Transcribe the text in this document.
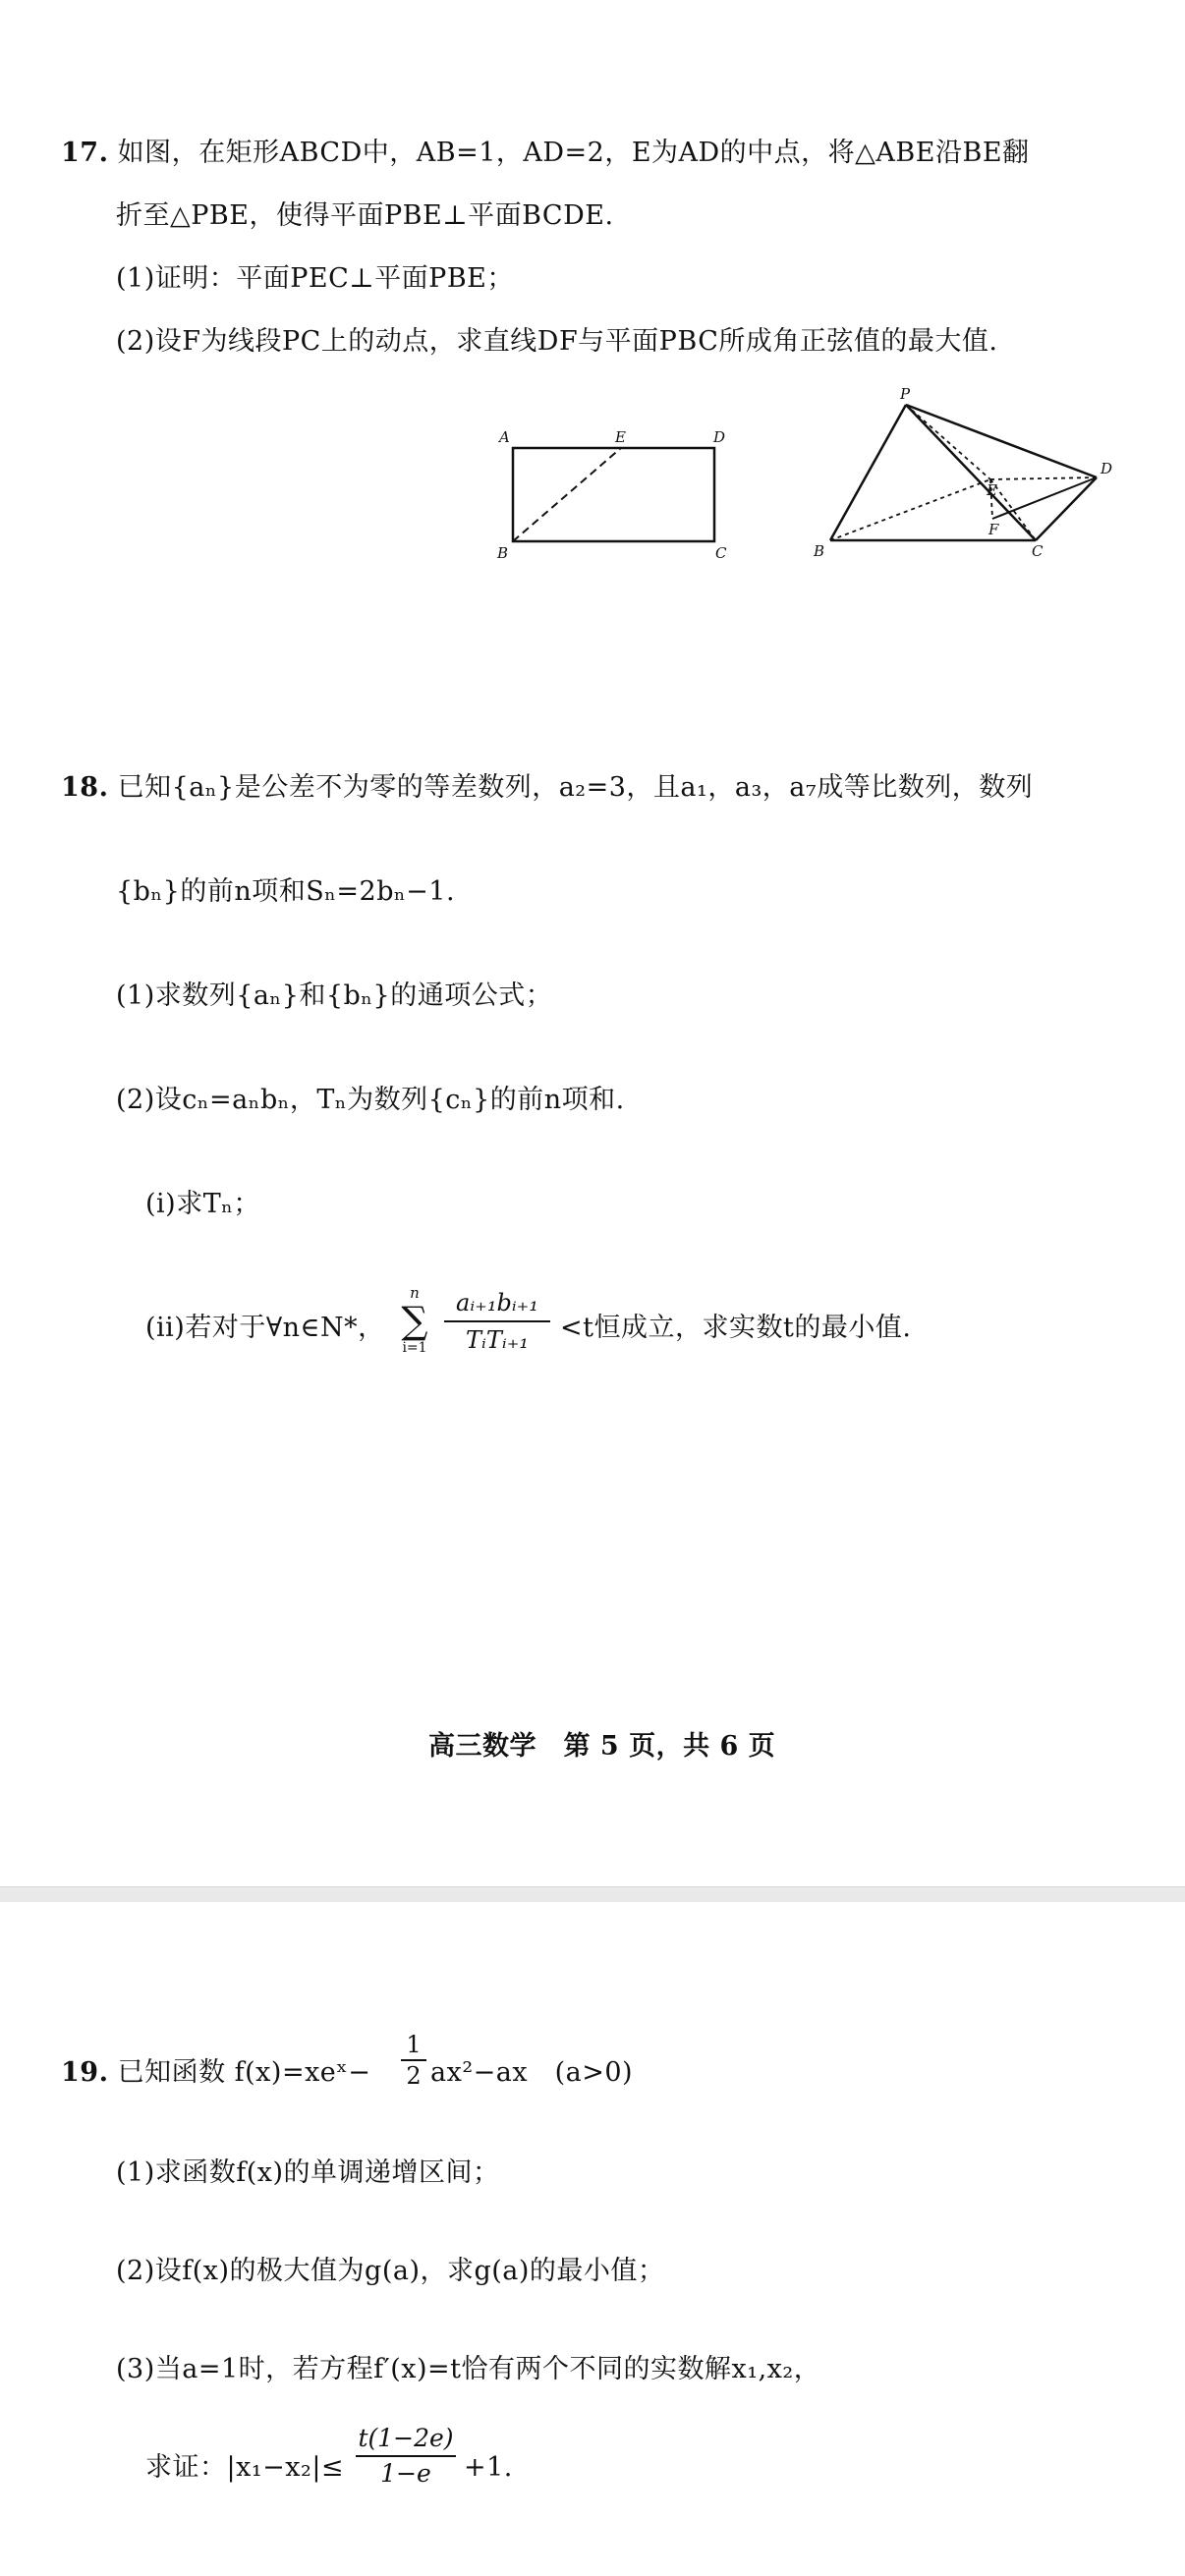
17. 如图，在矩形ABCD中，AB=1，AD=2，E为AD的中点，将△ABE沿BE翻
折至△PBE，使得平面PBE⊥平面BCDE.
(1)证明：平面PEC⊥平面PBE；
(2)设F为线段PC上的动点，求直线DF与平面PBC所成角正弦值的最大值.
A	E	D
B	C
P
D
E
F
B	C
18. 已知{aₙ}是公差不为零的等差数列，a₂=3，且a₁，a₃，a₇成等比数列，数列
{bₙ}的前n项和Sₙ=2bₙ−1.
(1)求数列{aₙ}和{bₙ}的通项公式；
(2)设cₙ=aₙbₙ，Tₙ为数列{cₙ}的前n项和.
(i)求Tₙ；
(ii)若对于∀n∈N*，
n
∑
i=1
aᵢ₊₁bᵢ₊₁
TᵢTᵢ₊₁	<t恒成立，求实数t的最小值.
高三数学　第 5 页，共 6 页
19. 已知函数 f(x)=xeˣ−
1
2 ax²−ax　(a>0)
(1)求函数f(x)的单调递增区间；
(2)设f(x)的极大值为g(a)，求g(a)的最小值；
(3)当a=1时，若方程f′(x)=t恰有两个不同的实数解x₁,x₂，
求证：|x₁−x₂|≤
t(1−2e)
1−e	+1.
